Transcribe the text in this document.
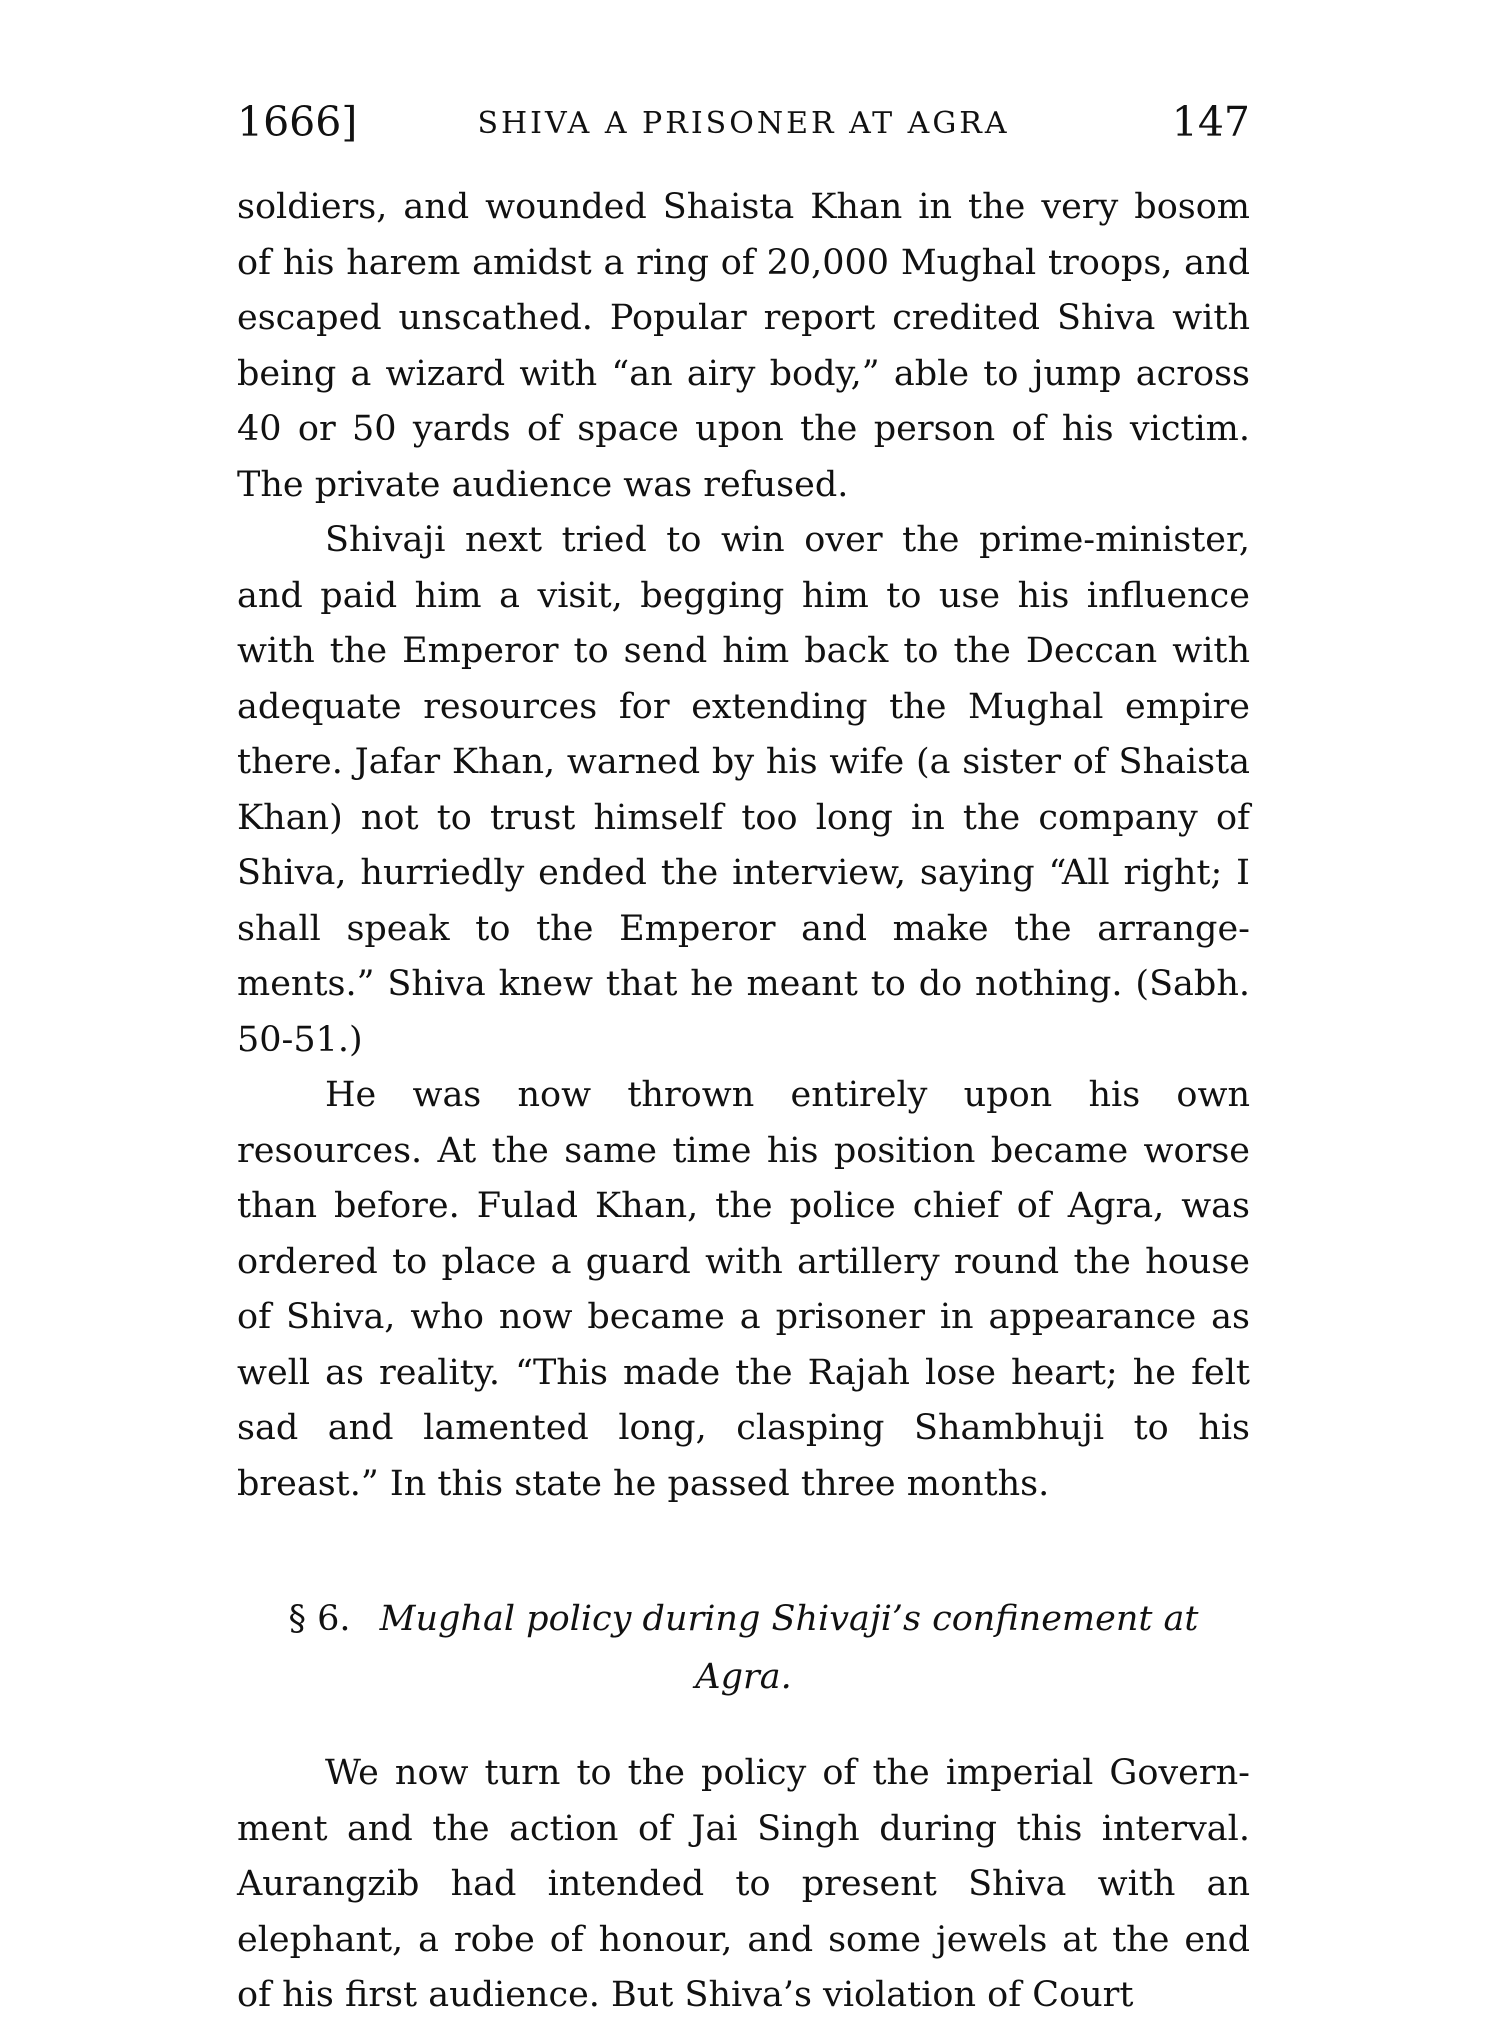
1666]	SHIVA A PRISONER AT AGRA	147

soldiers, and wounded Shaista Khan in the very bosom of his harem amidst a ring of 20,000 Mughal troops, and escaped unscathed. Popular report credited Shiva with being a wizard with “an airy body,” able to jump across 40 or 50 yards of space upon the person of his victim. The private audience was refused.

Shivaji next tried to win over the prime-minister, and paid him a visit, begging him to use his influence with the Emperor to send him back to the Deccan with adequate resources for extending the Mughal empire there. Jafar Khan, warned by his wife (a sister of Shaista Khan) not to trust himself too long in the company of Shiva, hurriedly ended the interview, saying “All right; I shall speak to the Emperor and make the arrangements.” Shiva knew that he meant to do nothing. (Sabh. 50-51.)

He was now thrown entirely upon his own resources. At the same time his position became worse than before. Fulad Khan, the police chief of Agra, was ordered to place a guard with artillery round the house of Shiva, who now became a prisoner in appearance as well as reality. “This made the Rajah lose heart; he felt sad and lamented long, clasping Shambhuji to his breast.” In this state he passed three months.

§ 6. Mughal policy during Shivaji’s confinement at Agra.

We now turn to the policy of the imperial Government and the action of Jai Singh during this interval. Aurangzib had intended to present Shiva with an elephant, a robe of honour, and some jewels at the end of his first audience. But Shiva’s violation of Court
